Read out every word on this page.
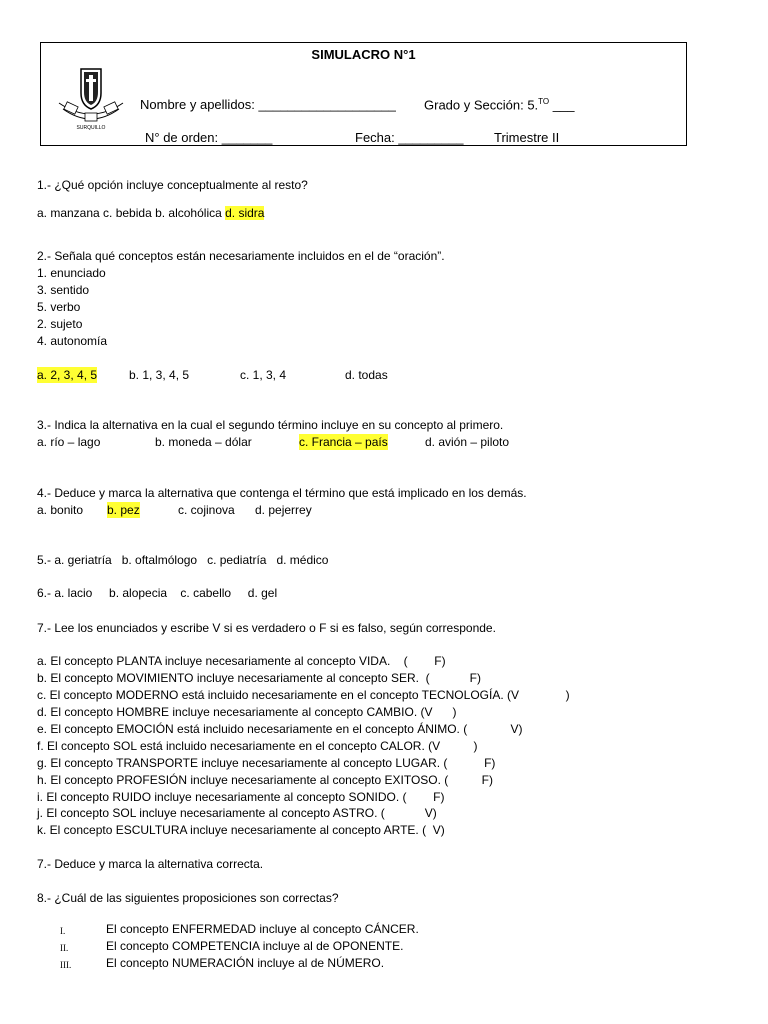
SIMULACRO N°1
SURQUILLO
Nombre y apellidos: ___________________ Grado y Sección: 5.$^{TO}$ ___
N° de orden: _______	Fecha: _________ Trimestre II
1.- ¿Qué opción incluye conceptualmente al resto?
a. manzana c. bebida b. alcohólica d. sidra
2.- Señala qué conceptos están necesariamente incluidos en el de “oración”.
1. enunciado
3. sentido
5. verbo
2. sujeto
4. autonomía
a. 2, 3, 4, 5	b. 1, 3, 4, 5	c. 1, 3, 4	d. todas
3.- Indica la alternativa en la cual el segundo término incluye en su concepto al primero.
a. río – lago	b. moneda – dólar	c. Francia – país	d. avión – piloto
4.- Deduce y marca la alternativa que contenga el término que está implicado en los demás.
a. bonito b. pez	c. cojinova d. pejerrey
5.- a. geriatría   b. oftalmólogo   c. pediatría   d. médico
6.- a. lacio     b. alopecia    c. cabello     d. gel
7.- Lee los enunciados y escribe V si es verdadero o F si es falso, según corresponde.
a. El concepto PLANTA incluye necesariamente al concepto VIDA.    (        F)
b. El concepto MOVIMIENTO incluye necesariamente al concepto SER.  (            F)
c. El concepto MODERNO está incluido necesariamente en el concepto TECNOLOGÍA. (V              )
d. El concepto HOMBRE incluye necesariamente al concepto CAMBIO. (V      )
e. El concepto EMOCIÓN está incluido necesariamente en el concepto ÁNIMO. (             V)
f. El concepto SOL está incluido necesariamente en el concepto CALOR. (V          )
g. El concepto TRANSPORTE incluye necesariamente al concepto LUGAR. (           F)
h. El concepto PROFESIÓN incluye necesariamente al concepto EXITOSO. (          F)
i. El concepto RUIDO incluye necesariamente al concepto SONIDO. (        F)
j. El concepto SOL incluye necesariamente al concepto ASTRO. (            V)
k. El concepto ESCULTURA incluye necesariamente al concepto ARTE. (  V)
7.- Deduce y marca la alternativa correcta.
8.- ¿Cuál de las siguientes proposiciones son correctas?
I.	El concepto ENFERMEDAD incluye al concepto CÁNCER.
II.	El concepto COMPETENCIA incluye al de OPONENTE.
III.	El concepto NUMERACIÓN incluye al de NÚMERO.
